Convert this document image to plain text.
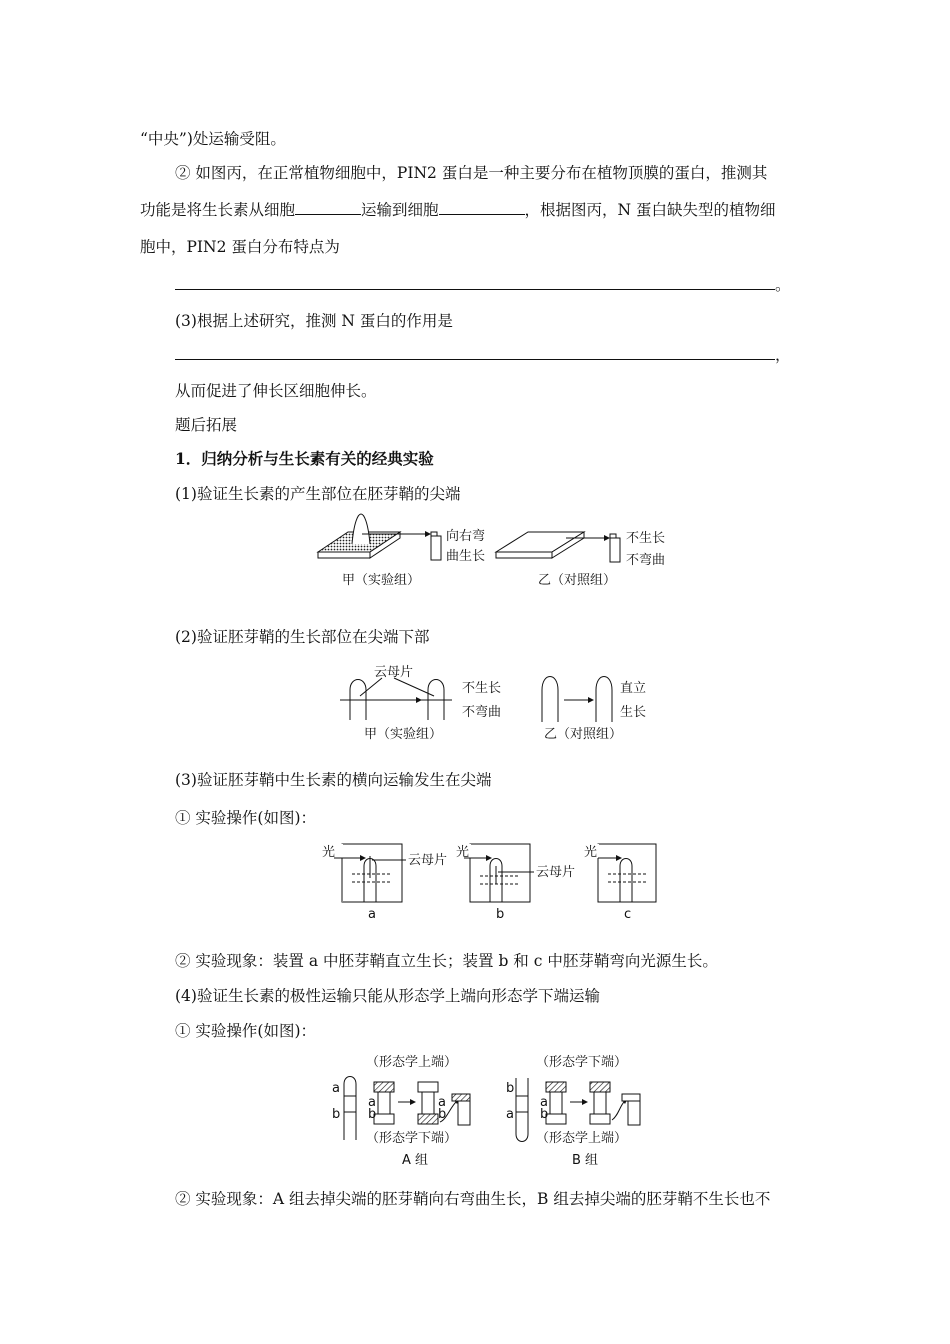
“中央”)处运输受阻。
② 如图丙，在正常植物细胞中，PIN2 蛋白是一种主要分布在植物顶膜的蛋白，推测其
功能是将生长素从细胞	运输到细胞	，根据图丙，N 蛋白缺失型的植物细
胞中，PIN2 蛋白分布特点为
。
(3)根据上述研究，推测 N 蛋白的作用是
，
从而促进了伸长区细胞伸长。
题后拓展
1．归纳分析与生长素有关的经典实验
(1)验证生长素的产生部位在胚芽鞘的尖端
向右弯
曲生长
甲（实验组）
不生长
不弯曲
乙（对照组）
(2)验证胚芽鞘的生长部位在尖端下部
云母片
不生长
不弯曲
甲（实验组）
直立
生长
乙（对照组）
(3)验证胚芽鞘中生长素的横向运输发生在尖端
① 实验操作(如图)：
光
云母片
a
光
云母片
b
光
c
② 实验现象：装置 a 中胚芽鞘直立生长；装置 b 和 c 中胚芽鞘弯向光源生长。
(4)验证生长素的极性运输只能从形态学上端向形态学下端运输
① 实验操作(如图)：
（形态学上端）
a
b
a
b
a
b
（形态学下端）
A 组
（形态学下端）
b
a
a
b
（形态学上端）
B 组
② 实验现象：A 组去掉尖端的胚芽鞘向右弯曲生长，B 组去掉尖端的胚芽鞘不生长也不
